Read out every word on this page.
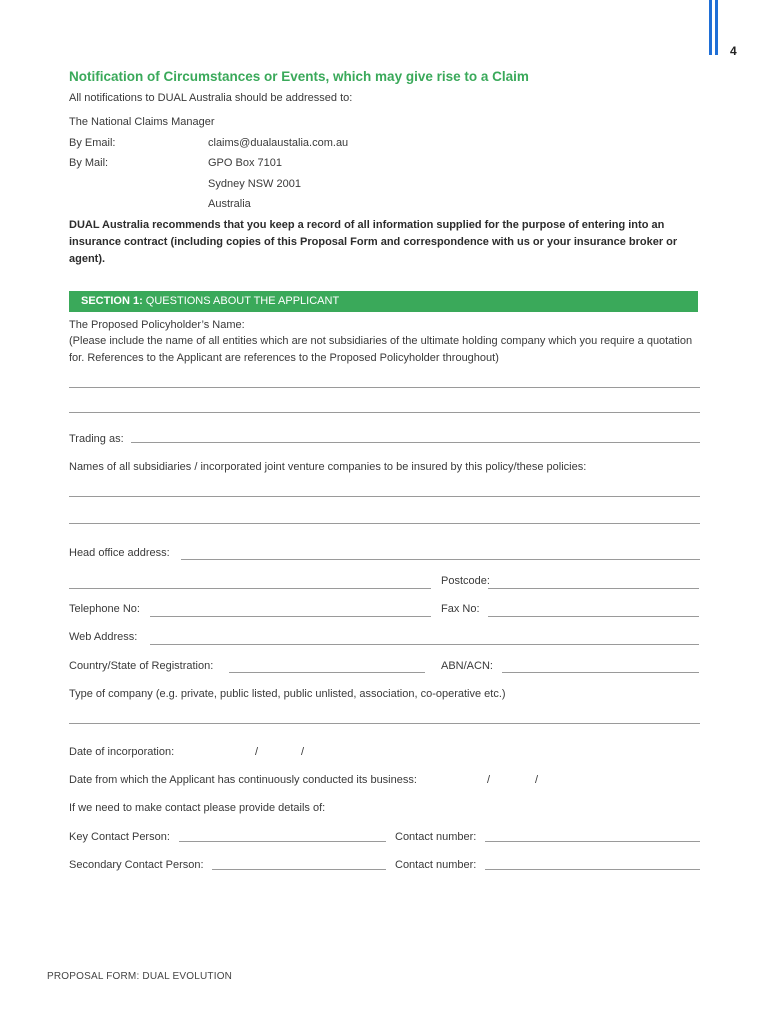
4
Notification of Circumstances or Events, which may give rise to a Claim
All notifications to DUAL Australia should be addressed to:
The National Claims Manager
By Email:	claims@dualaustalia.com.au
By Mail:	GPO Box 7101
Sydney NSW 2001
Australia
DUAL Australia recommends that you keep a record of all information supplied for the purpose of entering into an insurance contract (including copies of this Proposal Form and correspondence with us or your insurance broker or agent).
SECTION 1: QUESTIONS ABOUT THE APPLICANT
The Proposed Policyholder’s Name:
(Please include the name of all entities which are not subsidiaries of the ultimate holding company which you require a quotation for. References to the Applicant are references to the Proposed Policyholder throughout)
Trading as:
Names of all subsidiaries / incorporated joint venture companies to be insured by this policy/these policies:
Head office address:
Postcode:
Telephone No:	Fax No:
Web Address:
Country/State of Registration:	ABN/ACN:
Type of company (e.g. private, public listed, public unlisted, association, co-operative etc.)
Date of incorporation:	/	/
Date from which the Applicant has continuously conducted its business:	/	/
If we need to make contact please provide details of:
Key Contact Person:	Contact number:
Secondary Contact Person:	Contact number:
PROPOSAL FORM: DUAL EVOLUTION
